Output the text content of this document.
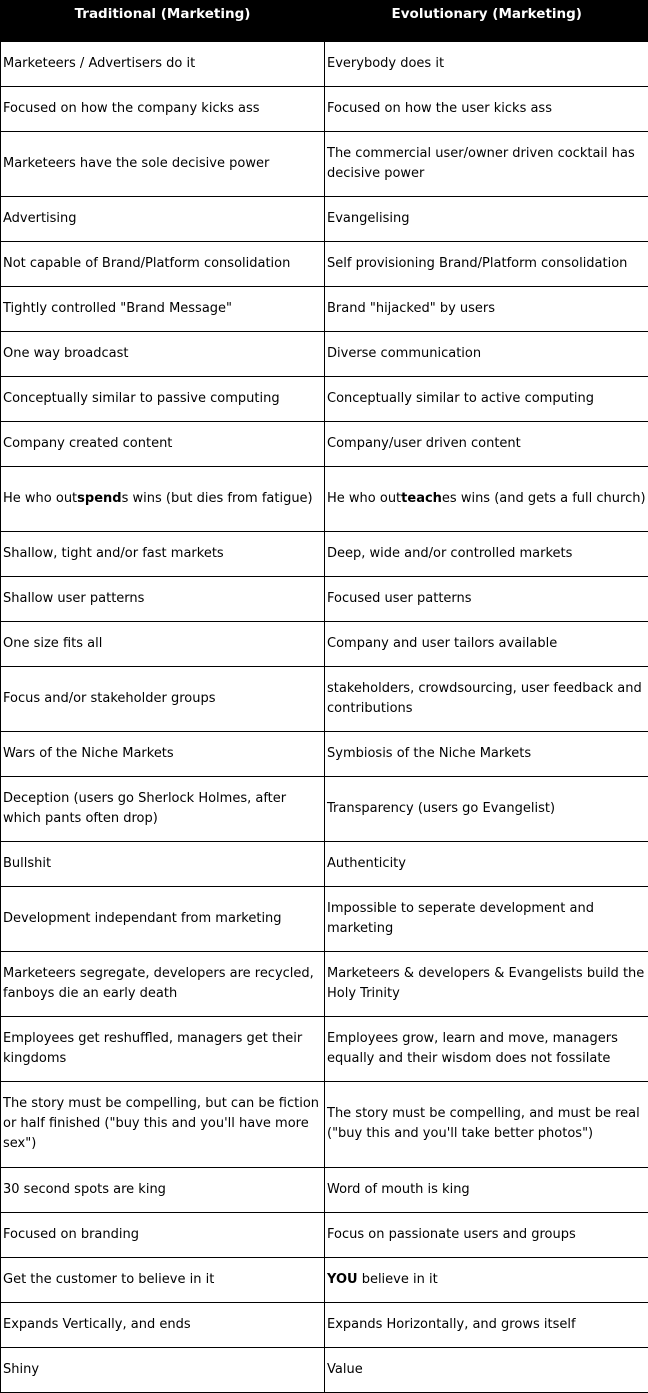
Traditional (Marketing)	Evolutionary (Marketing)
Marketeers / Advertisers do it	Everybody does it
Focused on how the company kicks ass	Focused on how the user kicks ass
Marketeers have the sole decisive power	The commercial user/owner driven cocktail has decisive power
Advertising	Evangelising
Not capable of Brand/Platform consolidation	Self provisioning Brand/Platform consolidation
Tightly controlled "Brand Message"	Brand "hijacked" by users
One way broadcast	Diverse communication
Conceptually similar to passive computing	Conceptually similar to active computing
Company created content	Company/user driven content
He who outspends wins (but dies from fatigue)	He who outteaches wins (and gets a full church)
Shallow, tight and/or fast markets	Deep, wide and/or controlled markets
Shallow user patterns	Focused user patterns
One size fits all	Company and user tailors available
Focus and/or stakeholder groups	stakeholders, crowdsourcing, user feedback and contributions
Wars of the Niche Markets	Symbiosis of the Niche Markets
Deception (users go Sherlock Holmes, after which pants often drop)	Transparency (users go Evangelist)
Bullshit	Authenticity
Development independant from marketing	Impossible to seperate development and marketing
Marketeers segregate, developers are recycled, fanboys die an early death	Marketeers & developers & Evangelists build the Holy Trinity
Employees get reshuffled, managers get their kingdoms	Employees grow, learn and move, managers equally and their wisdom does not fossilate
The story must be compelling, but can be fiction or half finished ("buy this and you'll have more sex")	The story must be compelling, and must be real ("buy this and you'll take better photos")
30 second spots are king	Word of mouth is king
Focused on branding	Focus on passionate users and groups
Get the customer to believe in it	YOU believe in it
Expands Vertically, and ends	Expands Horizontally, and grows itself
Shiny	Value
